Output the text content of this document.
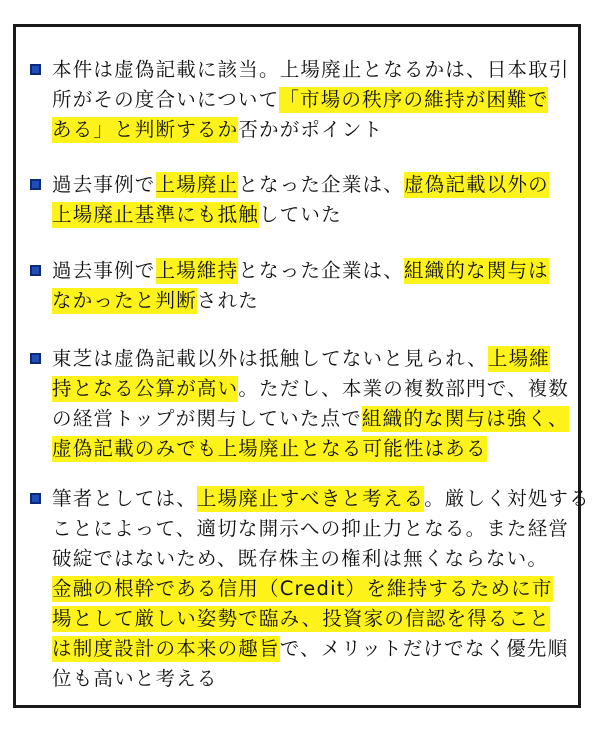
本件は虚偽記載に該当。上場廃止となるかは、日本取引
所がその度合いについて「市場の秩序の維持が困難で
ある」と判断するか否かがポイント
過去事例で上場廃止となった企業は、虚偽記載以外の
上場廃止基準にも抵触していた
過去事例で上場維持となった企業は、組織的な関与は
なかったと判断された
東芝は虚偽記載以外は抵触してないと見られ、上場維
持となる公算が高い。ただし、本業の複数部門で、複数
の経営トップが関与していた点で組織的な関与は強く、
虚偽記載のみでも上場廃止となる可能性はある
筆者としては、上場廃止すべきと考える。厳しく対処する
ことによって、適切な開示への抑止力となる。また経営
破綻ではないため、既存株主の権利は無くならない。
金融の根幹である信用（Credit）を維持するために市
場として厳しい姿勢で臨み、投資家の信認を得ること
は制度設計の本来の趣旨で、メリットだけでなく優先順
位も高いと考える
